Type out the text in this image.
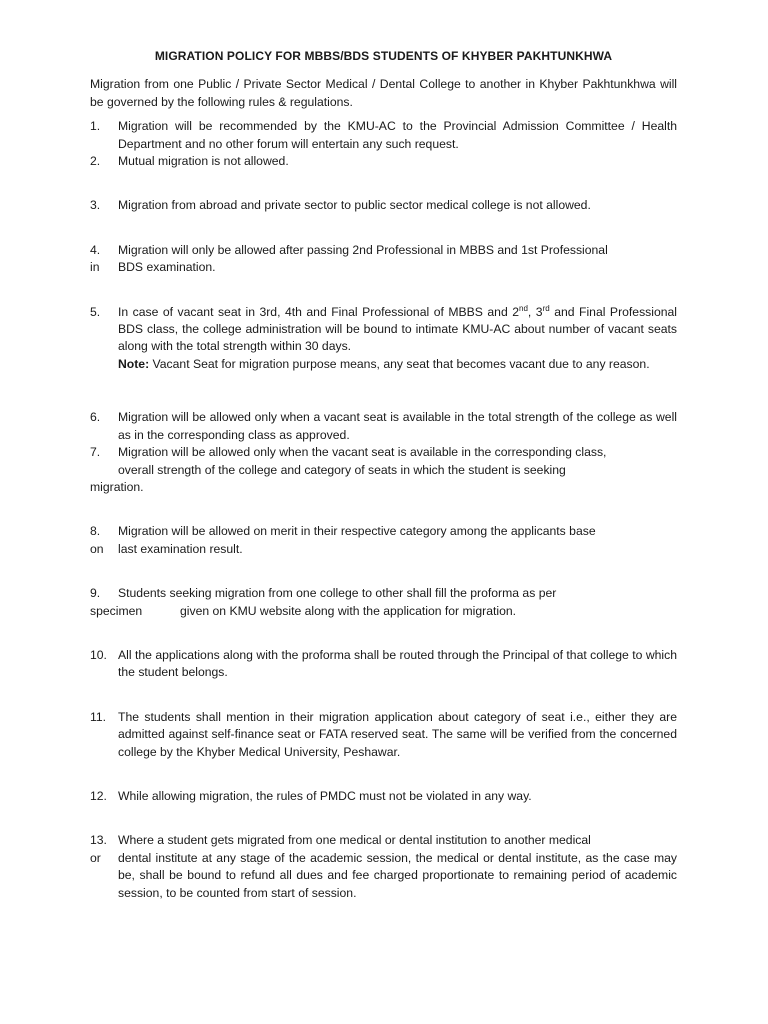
MIGRATION POLICY FOR MBBS/BDS STUDENTS OF KHYBER PAKHTUNKHWA
Migration from one Public / Private Sector Medical / Dental College to another in Khyber Pakhtunkhwa will be governed by the following rules & regulations.
1. Migration will be recommended by the KMU-AC to the Provincial Admission Committee / Health Department and no other forum will entertain any such request.
2. Mutual migration is not allowed.
3. Migration from abroad and private sector to public sector medical college is not allowed.
4. Migration will only be allowed after passing 2nd Professional in MBBS and 1st Professional
in BDS examination.
5. In case of vacant seat in 3rd, 4th and Final Professional of MBBS and 2nd, 3rd and Final Professional BDS class, the college administration will be bound to intimate KMU-AC about number of vacant seats along with the total strength within 30 days.
Note: Vacant Seat for migration purpose means, any seat that becomes vacant due to any reason.
6. Migration will be allowed only when a vacant seat is available in the total strength of the college as well as in the corresponding class as approved.
7. Migration will be allowed only when the vacant seat is available in the corresponding class,
overall strength of the college and category of seats in which the student is seeking
migration.
8. Migration will be allowed on merit in their respective category among the applicants base
on last examination result.
9. Students seeking migration from one college to other shall fill the proforma as per
specimen	given on KMU website along with the application for migration.
10. All the applications along with the proforma shall be routed through the Principal of that college to which the student belongs.
11. The students shall mention in their migration application about category of seat i.e., either they are admitted against self-finance seat or FATA reserved seat. The same will be verified from the concerned college by the Khyber Medical University, Peshawar.
12. While allowing migration, the rules of PMDC must not be violated in any way.
13. Where a student gets migrated from one medical or dental institution to another medical
or dental institute at any stage of the academic session, the medical or dental institute, as the case may be, shall be bound to refund all dues and fee charged proportionate to remaining period of academic session, to be counted from start of session.
